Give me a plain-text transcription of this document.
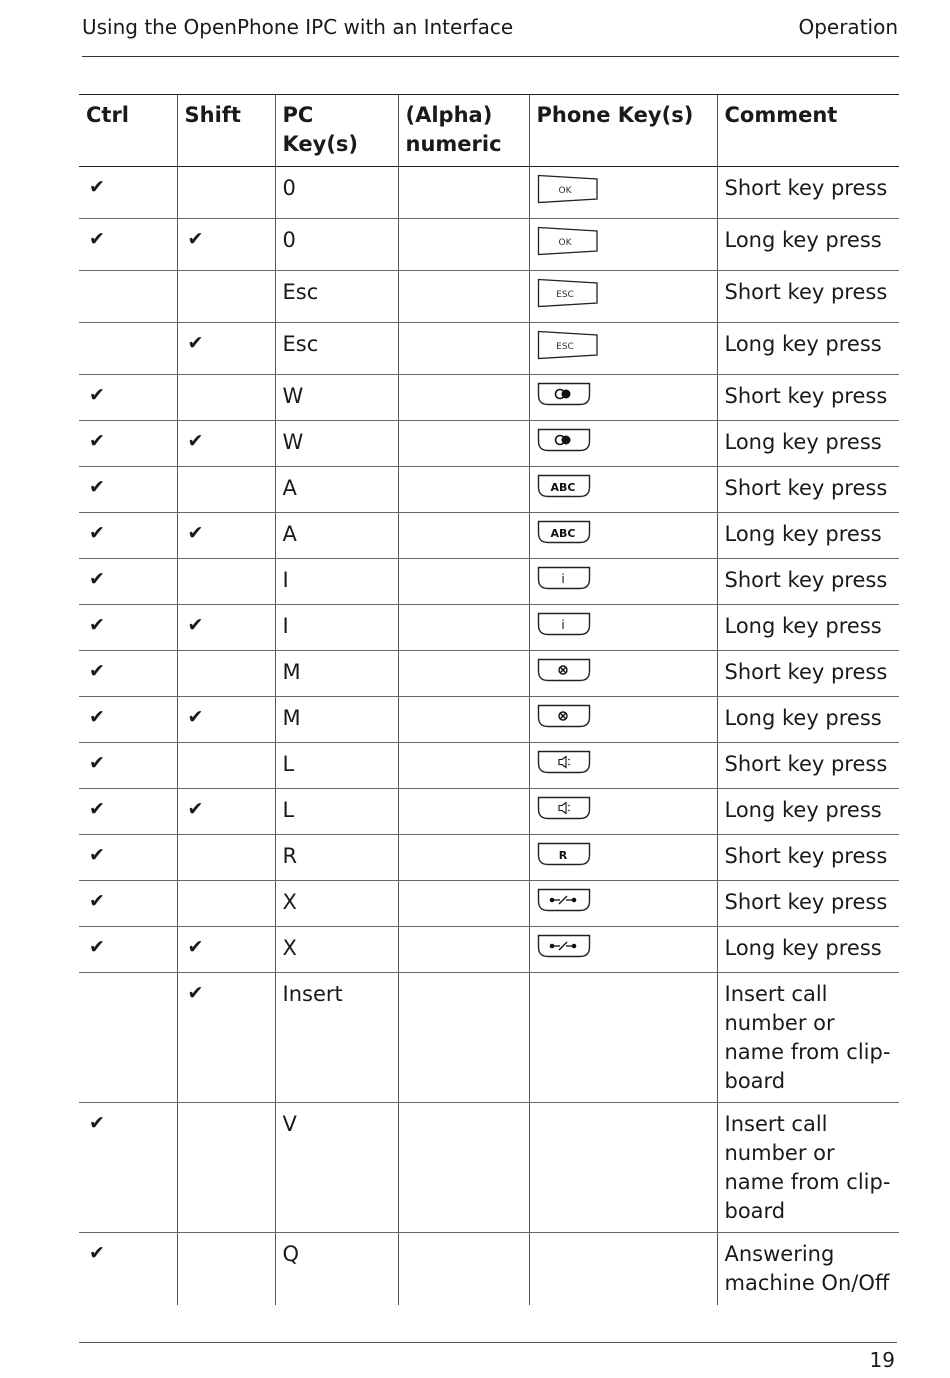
Using the OpenPhone IPC with an Interface	Operation
Ctrl	Shift	PC Key(s)	(Alpha) numeric	Phone Key(s)	Comment
✔		0		OK	Short key press
✔	✔	0		OK	Long key press
		Esc		ESC	Short key press
	✔	Esc		ESC	Long key press
✔		W			Short key press
✔	✔	W			Long key press
✔		A		ABC	Short key press
✔	✔	A		ABC	Long key press
✔		I		i	Short key press
✔	✔	I		i	Long key press
✔		M			Short key press
✔	✔	M			Long key press
✔		L			Short key press
✔	✔	L			Long key press
✔		R		R	Short key press
✔		X			Short key press
✔	✔	X			Long key press
	✔	Insert			Insert call number or name from clip-board
✔		V			Insert call number or name from clip-board
✔		Q			Answering machine On/Off
19
